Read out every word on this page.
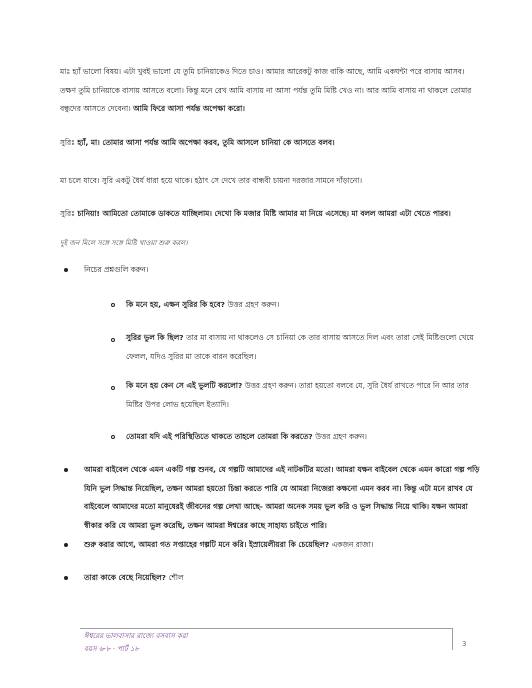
মাঃ হ্যাঁ ভালো বিষয়। এটা খুবই ভালো যে তুমি চানিয়াকেও দিতে চাও। আমার আরেকটু কাজ বাকি আছে, আমি একঘন্টা পরে বাসায় আসব। তক্ষণ তুমি চানিয়াকে বাসায় আসতে বলো। কিন্তু মনে রেখ আমি বাসায় না আসা পর্যন্ত তুমি মিষ্টি খেও না। আর আমি বাসায় না থাকলে তোমার বন্ধুদের আসতে দেবেনা। আমি ফিরে আসা পর্যন্ত অপেক্ষা করো।
সুরিঃ হ্যাঁ, মা। তোমার আসা পর্যন্ত আমি অপেক্ষা করব, তুমি আসলে চানিয়া কে আসতে বলব।
মা চলে যাবে। সুরি একটু ধৈর্য ধারা হয়ে থাকে। হঠাৎ সে দেখে তার বান্ধবী চায়না দরজার সামনে দাঁড়ানো।
সুরিঃ চানিয়া! আমিতো তোমাকে ডাকতে যাচ্ছিলাম। দেখো কি মজার মিষ্টি আমার মা নিয়ে এসেছে। মা বলল আমরা এটা খেতে পারব।
দুই জন মিলে সঙ্গে সঙ্গে মিষ্টি খাওয়া শুরু করল।
নিচের প্রশ্নগুলি করুন।
কি মনে হয়, এক্ষন সুরির কি হবে? উত্তর গ্রহণ করুন।
সুরির ভুল কি ছিল? তার মা বাসায় না থাকলেও সে চানিয়া কে তার বাসায় আসতে দিল এবং তারা সেই মিষ্টিগুলো খেয়ে ফেলল, যদিও সুরির মা তাকে বারন করেছিল।
কি মনে হয় কেন সে এই ভুলটি করলো? উত্তর গ্রহণ করুন। তারা হয়তো বলবে যে, সুরি ধৈর্য রাখতে পারে নি আর তার মিষ্টির উপর লোভ হয়েছিল ইত্যাদি।
তোমরা যদি এই পরিস্থিতিতে থাকতে তাহলে তোমরা কি করতে? উত্তর গ্রহণ করুন।
আমরা বাইবেল থেকে এমন একটি গল্প শুনব, যে গল্পটি আমাদের এই নাটকটির মতো। আমরা যক্ষন বাইবেল থেকে এমন কারো গল্প পড়ি যিনি ভুল সিদ্ধান্ত নিয়েছিল, তক্ষন আমরা হয়তো চিন্তা করতে পারি যে আমরা নিজেরা কক্ষনো এমন করব না। কিন্তু এটা মনে রাখব যে বাইবেলে আমাদের মতো মানুষেরই জীবনের গল্প লেখা আছে- আমরা অনেক সময় ভুল করি ও ভুল সিদ্ধান্ত নিয়ে থাকি। যক্ষন আমরা স্বীকার করি যে আমরা ভুল করেছি, তক্ষন আমরা ঈশ্বরের কাছে সাহায্য চাইতে পারি।
শুরু করার আগে, আমরা গত সপ্তাহের গল্পটি মনে করি। ইস্রায়েলীয়রা কি চেয়েছিল? একজন রাজা।
তারা কাকে বেছে নিয়েছিল? শৌল
ঈশ্বরের ভালবাসার রাজ্যে বসবাস করা
বয়স ৬-৮ · পার্ট ১৮
3
